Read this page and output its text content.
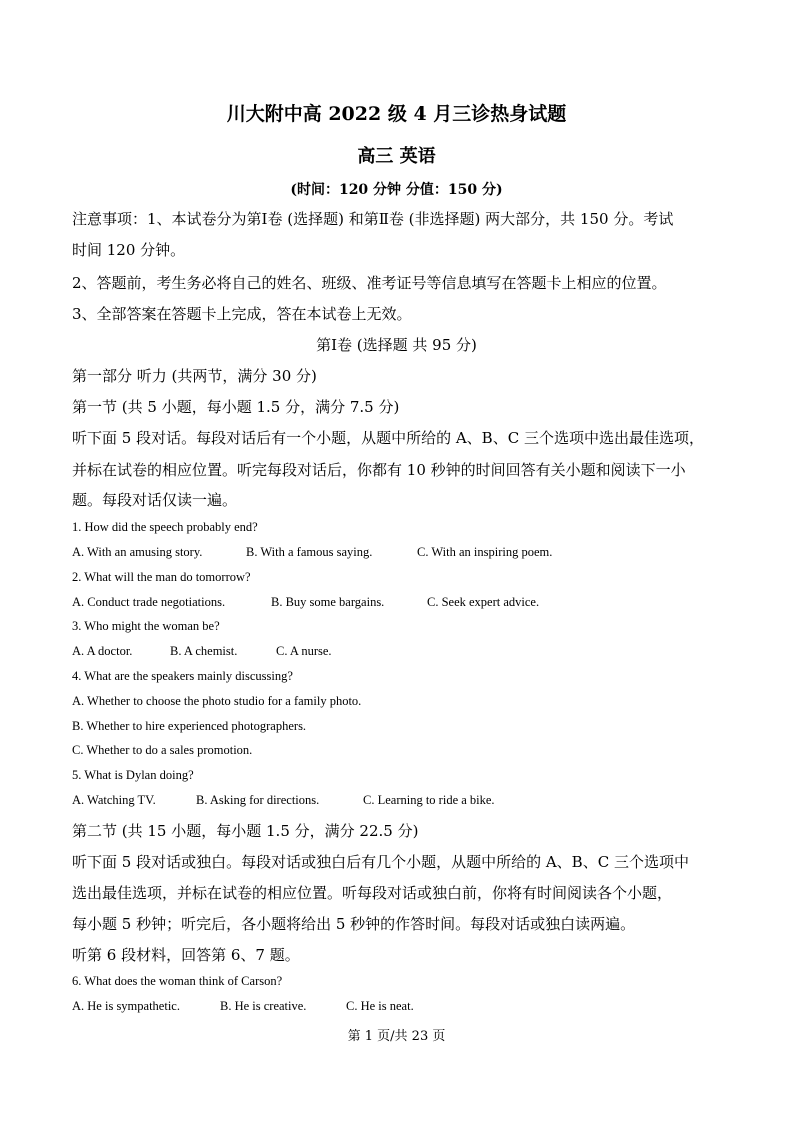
川大附中高 2022 级 4 月三诊热身试题
高三 英语
(时间：120 分钟 分值：150 分)
注意事项：1、本试卷分为第Ⅰ卷 (选择题) 和第Ⅱ卷 (非选择题) 两大部分，共 150 分。考试
时间 120 分钟。
2、答题前，考生务必将自己的姓名、班级、准考证号等信息填写在答题卡上相应的位置。
3、全部答案在答题卡上完成，答在本试卷上无效。
第Ⅰ卷 (选择题 共 95 分)
第一部分 听力 (共两节，满分 30 分)
第一节 (共 5 小题，每小题 1.5 分，满分 7.5 分)
听下面 5 段对话。每段对话后有一个小题，从题中所给的 A、B、C 三个选项中选出最佳选项，
并标在试卷的相应位置。听完每段对话后，你都有 10 秒钟的时间回答有关小题和阅读下一小
题。每段对话仅读一遍。
1. How did the speech probably end?
A. With an amusing story.	B. With a famous saying.	C. With an inspiring poem.
2. What will the man do tomorrow?
A. Conduct trade negotiations.	B. Buy some bargains.	C. Seek expert advice.
3. Who might the woman be?
A. A doctor.	B. A chemist.	C. A nurse.
4. What are the speakers mainly discussing?
A. Whether to choose the photo studio for a family photo.
B. Whether to hire experienced photographers.
C. Whether to do a sales promotion.
5. What is Dylan doing?
A. Watching TV.	B. Asking for directions.	C. Learning to ride a bike.
第二节 (共 15 小题，每小题 1.5 分，满分 22.5 分)
听下面 5 段对话或独白。每段对话或独白后有几个小题，从题中所给的 A、B、C 三个选项中
选出最佳选项，并标在试卷的相应位置。听每段对话或独白前，你将有时间阅读各个小题，
每小题 5 秒钟；听完后，各小题将给出 5 秒钟的作答时间。每段对话或独白读两遍。
听第 6 段材料，回答第 6、7 题。
6. What does the woman think of Carson?
A. He is sympathetic.	B. He is creative.	C. He is neat.
第 1 页/共 23 页
